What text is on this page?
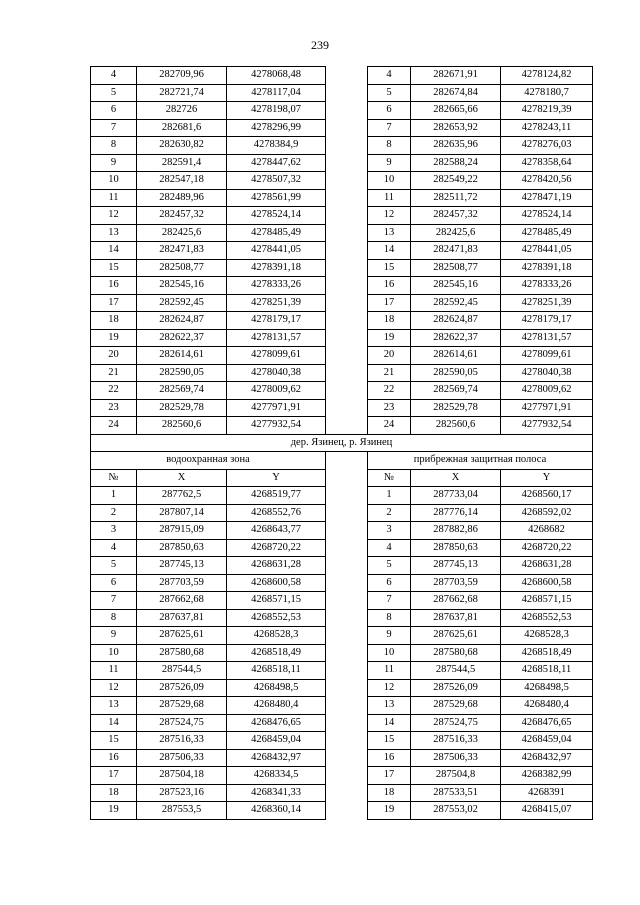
239
4	282709,96	4278068,48		4	282671,91	4278124,82
5	282721,74	4278117,04		5	282674,84	4278180,7
6	282726	4278198,07		6	282665,66	4278219,39
7	282681,6	4278296,99		7	282653,92	4278243,11
8	282630,82	4278384,9		8	282635,96	4278276,03
9	282591,4	4278447,62		9	282588,24	4278358,64
10	282547,18	4278507,32		10	282549,22	4278420,56
11	282489,96	4278561,99		11	282511,72	4278471,19
12	282457,32	4278524,14		12	282457,32	4278524,14
13	282425,6	4278485,49		13	282425,6	4278485,49
14	282471,83	4278441,05		14	282471,83	4278441,05
15	282508,77	4278391,18		15	282508,77	4278391,18
16	282545,16	4278333,26		16	282545,16	4278333,26
17	282592,45	4278251,39		17	282592,45	4278251,39
18	282624,87	4278179,17		18	282624,87	4278179,17
19	282622,37	4278131,57		19	282622,37	4278131,57
20	282614,61	4278099,61		20	282614,61	4278099,61
21	282590,05	4278040,38		21	282590,05	4278040,38
22	282569,74	4278009,62		22	282569,74	4278009,62
23	282529,78	4277971,91		23	282529,78	4277971,91
24	282560,6	4277932,54		24	282560,6	4277932,54
дер. Язинец, р. Язинец						
водоохранная зона				прибрежная защитная полоса		
№	X	Y		№	X	Y
1	287762,5	4268519,77		1	287733,04	4268560,17
2	287807,14	4268552,76		2	287776,14	4268592,02
3	287915,09	4268643,77		3	287882,86	4268682
4	287850,63	4268720,22		4	287850,63	4268720,22
5	287745,13	4268631,28		5	287745,13	4268631,28
6	287703,59	4268600,58		6	287703,59	4268600,58
7	287662,68	4268571,15		7	287662,68	4268571,15
8	287637,81	4268552,53		8	287637,81	4268552,53
9	287625,61	4268528,3		9	287625,61	4268528,3
10	287580,68	4268518,49		10	287580,68	4268518,49
11	287544,5	4268518,11		11	287544,5	4268518,11
12	287526,09	4268498,5		12	287526,09	4268498,5
13	287529,68	4268480,4		13	287529,68	4268480,4
14	287524,75	4268476,65		14	287524,75	4268476,65
15	287516,33	4268459,04		15	287516,33	4268459,04
16	287506,33	4268432,97		16	287506,33	4268432,97
17	287504,18	4268334,5		17	287504,8	4268382,99
18	287523,16	4268341,33		18	287533,51	4268391
19	287553,5	4268360,14		19	287553,02	4268415,07
